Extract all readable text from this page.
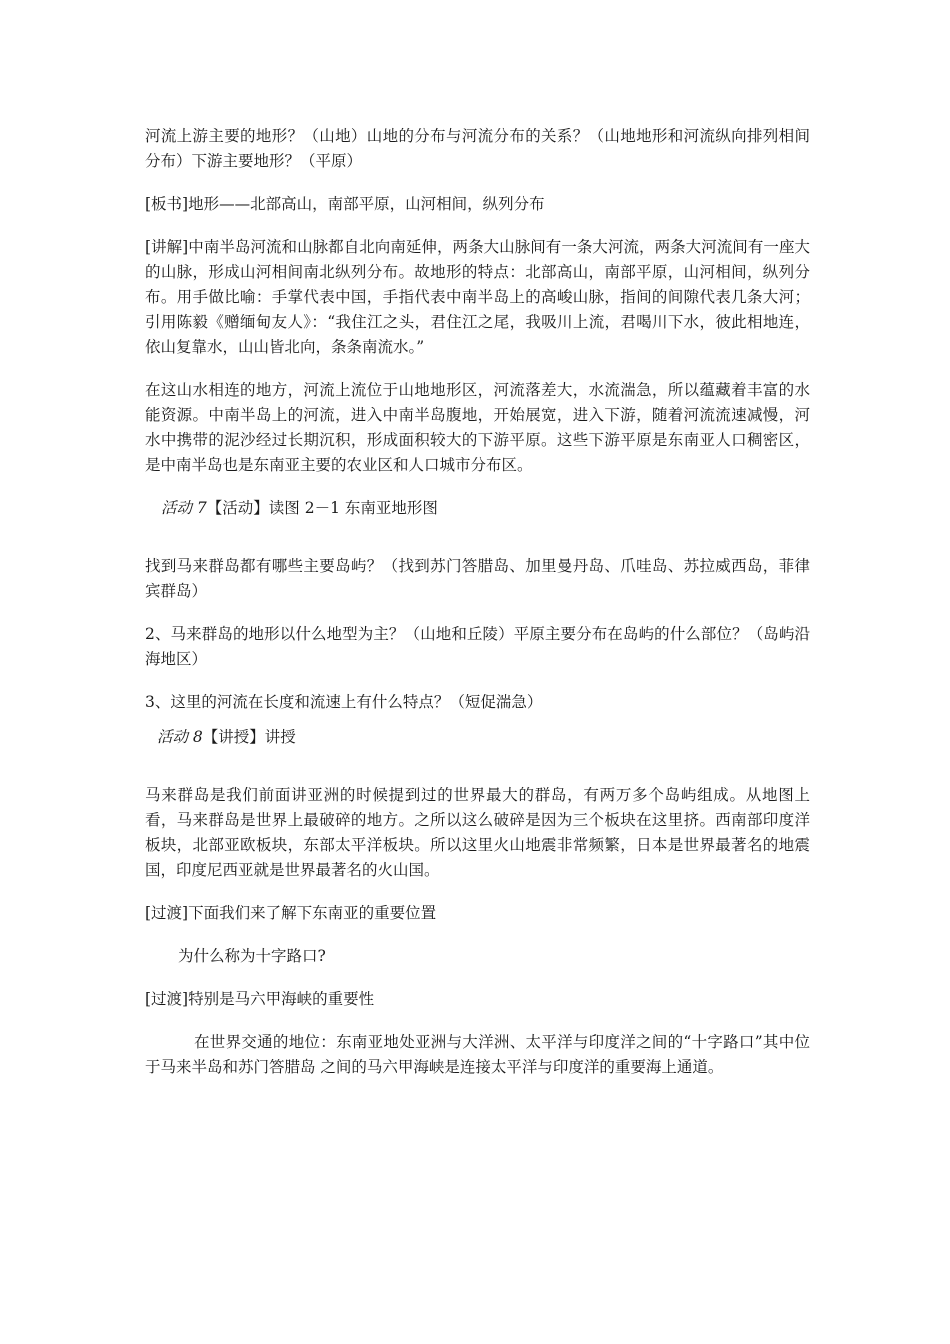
河流上游主要的地形？（山地）山地的分布与河流分布的关系？（山地地形和河流纵向排列相间分布）下游主要地形？（平原）

[板书]地形——北部高山，南部平原，山河相间，纵列分布

[讲解]中南半岛河流和山脉都自北向南延伸，两条大山脉间有一条大河流，两条大河流间有一座大的山脉，形成山河相间南北纵列分布。故地形的特点：北部高山，南部平原，山河相间，纵列分布。用手做比喻：手掌代表中国，手指代表中南半岛上的高峻山脉，指间的间隙代表几条大河；引用陈毅《赠缅甸友人》：“我住江之头，君住江之尾，我吸川上流，君喝川下水，彼此相地连，依山复靠水，山山皆北向，条条南流水。”

在这山水相连的地方，河流上流位于山地地形区，河流落差大，水流湍急，所以蕴藏着丰富的水能资源。中南半岛上的河流，进入中南半岛腹地，开始展宽，进入下游，随着河流流速减慢，河水中携带的泥沙经过长期沉积，形成面积较大的下游平原。这些下游平原是东南亚人口稠密区，是中南半岛也是东南亚主要的农业区和人口城市分布区。

活动 7【活动】读图 2－1 东南亚地形图

找到马来群岛都有哪些主要岛屿？（找到苏门答腊岛、加里曼丹岛、爪哇岛、苏拉威西岛，菲律宾群岛）

2、马来群岛的地形以什么地型为主？（山地和丘陵）平原主要分布在岛屿的什么部位？（岛屿沿海地区）

3、这里的河流在长度和流速上有什么特点？（短促湍急）

活动 8【讲授】讲授

马来群岛是我们前面讲亚洲的时候提到过的世界最大的群岛，有两万多个岛屿组成。从地图上看，马来群岛是世界上最破碎的地方。之所以这么破碎是因为三个板块在这里挤。西南部印度洋板块，北部亚欧板块，东部太平洋板块。所以这里火山地震非常频繁，日本是世界最著名的地震国，印度尼西亚就是世界最著名的火山国。

[过渡]下面我们来了解下东南亚的重要位置

为什么称为十字路口?

[过渡]特别是马六甲海峡的重要性

在世界交通的地位：东南亚地处亚洲与大洋洲、太平洋与印度洋之间的“十字路口”其中位于马来半岛和苏门答腊岛 之间的马六甲海峡是连接太平洋与印度洋的重要海上通道。
